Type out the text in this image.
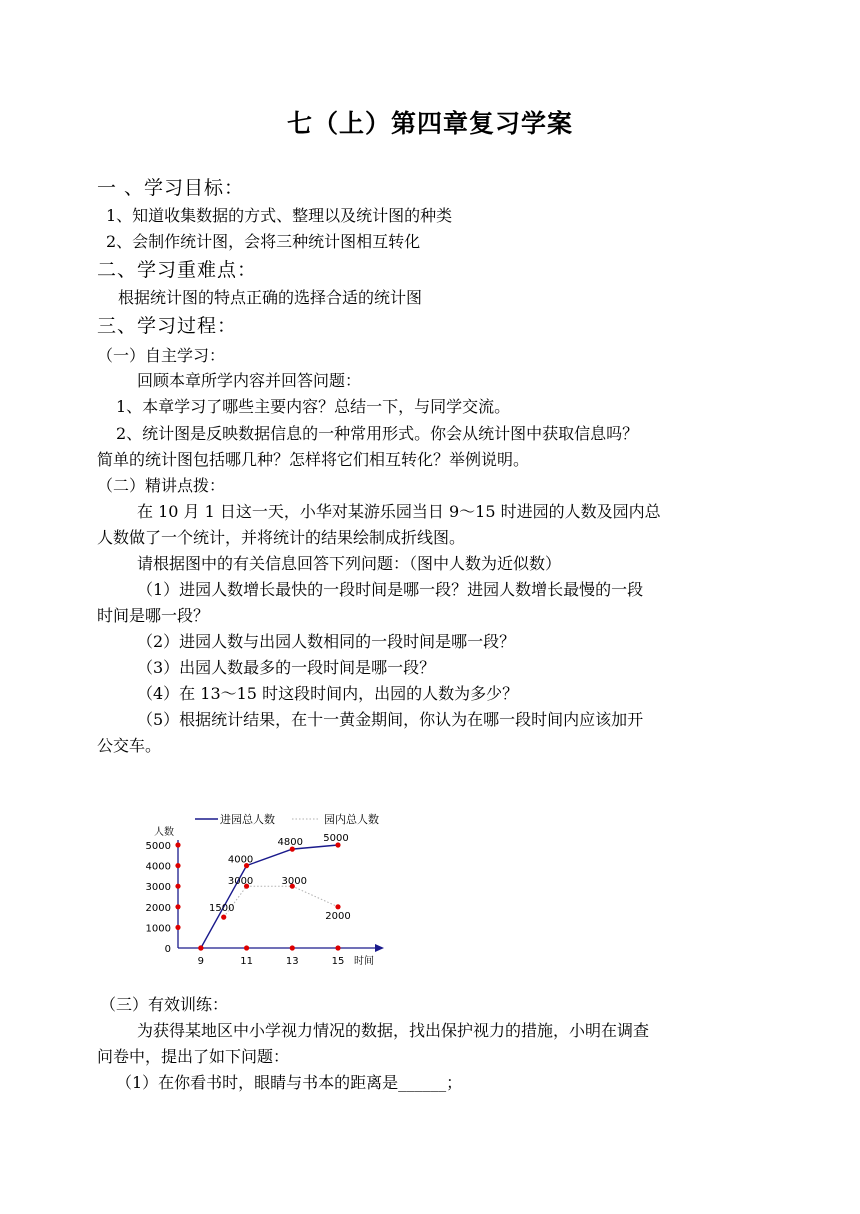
七（上）第四章复习学案
一 、学习目标：
1、知道收集数据的方式、整理以及统计图的种类
2、会制作统计图，会将三种统计图相互转化
二、学习重难点：
根据统计图的特点正确的选择合适的统计图
三、学习过程：
（一）自主学习：
回顾本章所学内容并回答问题：
1、本章学习了哪些主要内容？总结一下，与同学交流。
2、统计图是反映数据信息的一种常用形式。你会从统计图中获取信息吗？
简单的统计图包括哪几种？怎样将它们相互转化？举例说明。
（二）精讲点拨：
在 10 月 1 日这一天，小华对某游乐园当日 9～15 时进园的人数及园内总
人数做了一个统计，并将统计的结果绘制成折线图。
请根据图中的有关信息回答下列问题：（图中人数为近似数）
（1）进园人数增长最快的一段时间是哪一段？进园人数增长最慢的一段
时间是哪一段？
（2）进园人数与出园人数相同的一段时间是哪一段？
（3）出园人数最多的一段时间是哪一段？
（4）在 13～15 时这段时间内，出园的人数为多少？
（5）根据统计结果，在十一黄金期间，你认为在哪一段时间内应该加开
公交车。
人数
时间
0
1000
2000
3000
4000
5000
9	11	13	15
1500
4000
3000	3000
4800 5000
2000
进园总人数	园内总人数
（三）有效训练：
为获得某地区中小学视力情况的数据，找出保护视力的措施，小明在调查
问卷中，提出了如下问题：
（1）在你看书时，眼睛与书本的距离是______；
